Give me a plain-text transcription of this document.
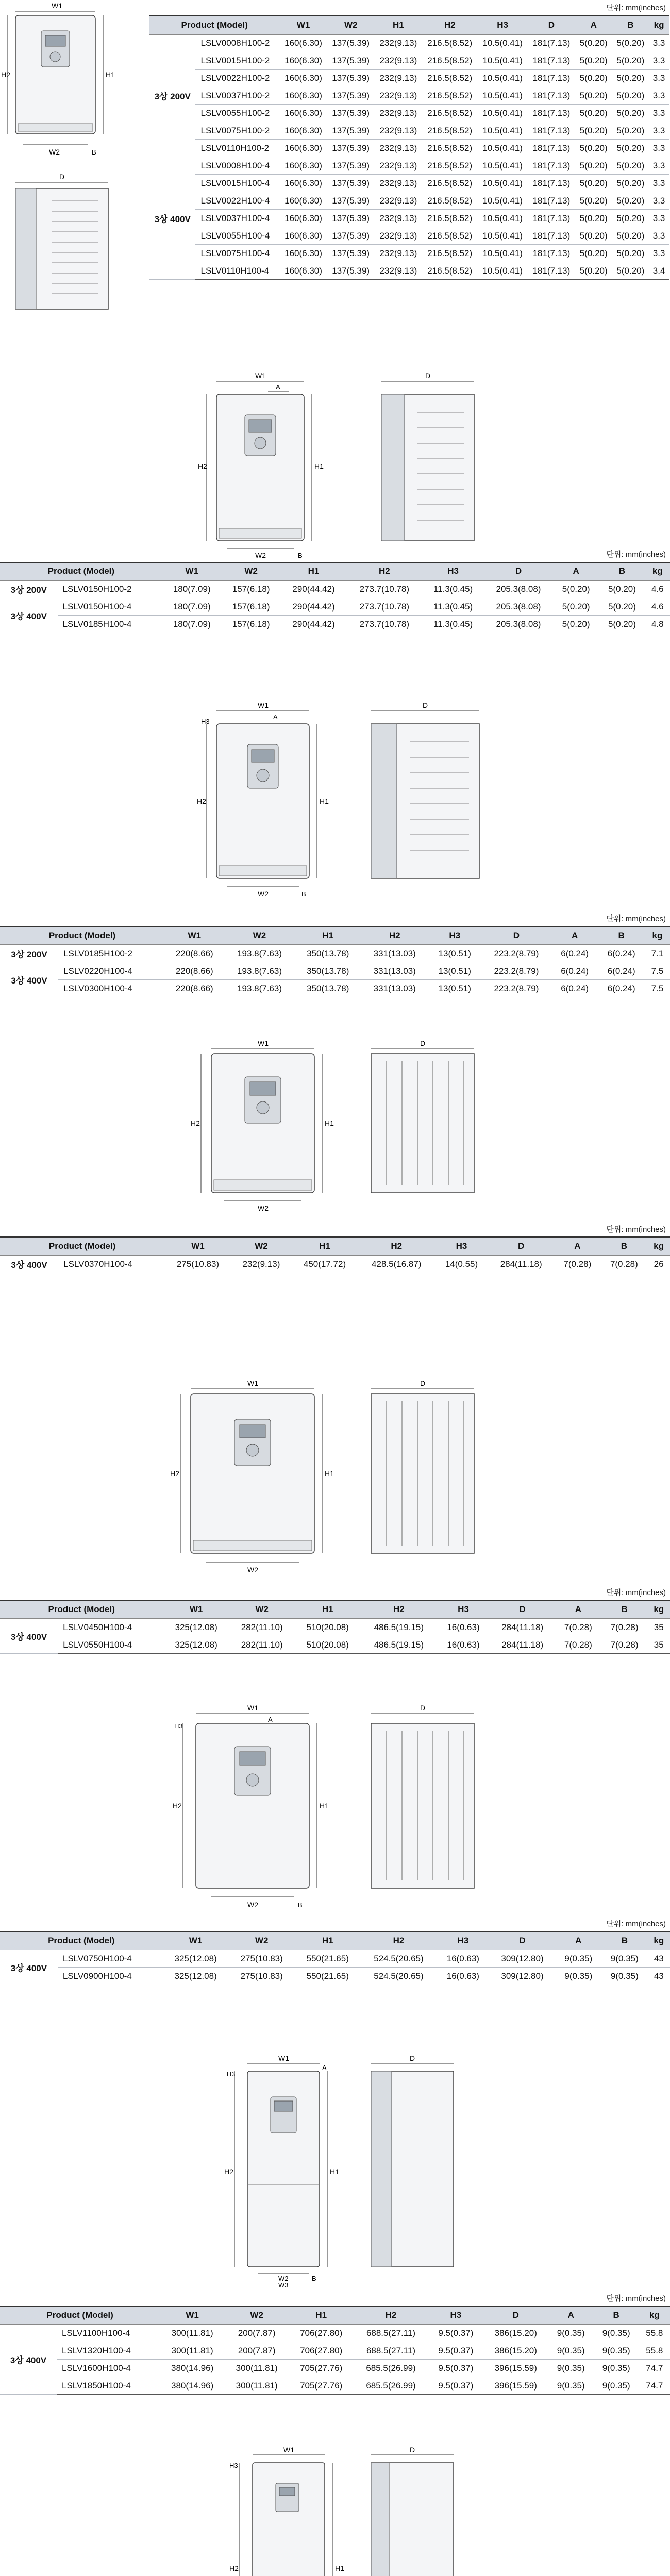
W1
H2	H1
W2	B
D
단위: mm(inches)
Product (Model)		W1	W2	H1	H2	H3	D	A	B	kg
3상 200V	LSLV0008H100-2	160(6.30)	137(5.39)	232(9.13)	216.5(8.52)	10.5(0.41)	181(7.13)	5(0.20)	5(0.20)	3.3
	LSLV0015H100-2	160(6.30)	137(5.39)	232(9.13)	216.5(8.52)	10.5(0.41)	181(7.13)	5(0.20)	5(0.20)	3.3
	LSLV0022H100-2	160(6.30)	137(5.39)	232(9.13)	216.5(8.52)	10.5(0.41)	181(7.13)	5(0.20)	5(0.20)	3.3
	LSLV0037H100-2	160(6.30)	137(5.39)	232(9.13)	216.5(8.52)	10.5(0.41)	181(7.13)	5(0.20)	5(0.20)	3.3
	LSLV0055H100-2	160(6.30)	137(5.39)	232(9.13)	216.5(8.52)	10.5(0.41)	181(7.13)	5(0.20)	5(0.20)	3.3
	LSLV0075H100-2	160(6.30)	137(5.39)	232(9.13)	216.5(8.52)	10.5(0.41)	181(7.13)	5(0.20)	5(0.20)	3.3
	LSLV0110H100-2	160(6.30)	137(5.39)	232(9.13)	216.5(8.52)	10.5(0.41)	181(7.13)	5(0.20)	5(0.20)	3.3
3상 400V	LSLV0008H100-4	160(6.30)	137(5.39)	232(9.13)	216.5(8.52)	10.5(0.41)	181(7.13)	5(0.20)	5(0.20)	3.3
	LSLV0015H100-4	160(6.30)	137(5.39)	232(9.13)	216.5(8.52)	10.5(0.41)	181(7.13)	5(0.20)	5(0.20)	3.3
	LSLV0022H100-4	160(6.30)	137(5.39)	232(9.13)	216.5(8.52)	10.5(0.41)	181(7.13)	5(0.20)	5(0.20)	3.3
	LSLV0037H100-4	160(6.30)	137(5.39)	232(9.13)	216.5(8.52)	10.5(0.41)	181(7.13)	5(0.20)	5(0.20)	3.3
	LSLV0055H100-4	160(6.30)	137(5.39)	232(9.13)	216.5(8.52)	10.5(0.41)	181(7.13)	5(0.20)	5(0.20)	3.3
	LSLV0075H100-4	160(6.30)	137(5.39)	232(9.13)	216.5(8.52)	10.5(0.41)	181(7.13)	5(0.20)	5(0.20)	3.3
	LSLV0110H100-4	160(6.30)	137(5.39)	232(9.13)	216.5(8.52)	10.5(0.41)	181(7.13)	5(0.20)	5(0.20)	3.4
W1
A
H2	H1
W2	B
D
단위: mm(inches)
Product (Model)		W1	W2	H1	H2	H3	D	A	B	kg
3상 200V	LSLV0150H100-2	180(7.09)	157(6.18)	290(44.42)	273.7(10.78)	11.3(0.45)	205.3(8.08)	5(0.20)	5(0.20)	4.6
3상 400V	LSLV0150H100-4	180(7.09)	157(6.18)	290(44.42)	273.7(10.78)	11.3(0.45)	205.3(8.08)	5(0.20)	5(0.20)	4.6
	LSLV0185H100-4	180(7.09)	157(6.18)	290(44.42)	273.7(10.78)	11.3(0.45)	205.3(8.08)	5(0.20)	5(0.20)	4.8
W1
H3
A
H2	H1
W2	B
D
단위: mm(inches)
Product (Model)		W1	W2	H1	H2	H3	D	A	B	kg
3상 200V	LSLV0185H100-2	220(8.66)	193.8(7.63)	350(13.78)	331(13.03)	13(0.51)	223.2(8.79)	6(0.24)	6(0.24)	7.1
3상 400V	LSLV0220H100-4	220(8.66)	193.8(7.63)	350(13.78)	331(13.03)	13(0.51)	223.2(8.79)	6(0.24)	6(0.24)	7.5
	LSLV0300H100-4	220(8.66)	193.8(7.63)	350(13.78)	331(13.03)	13(0.51)	223.2(8.79)	6(0.24)	6(0.24)	7.5
W1
H2	H1
W2
D
단위: mm(inches)
Product (Model)		W1	W2	H1	H2	H3	D	A	B	kg
3상 400V	LSLV0370H100-4	275(10.83)	232(9.13)	450(17.72)	428.5(16.87)	14(0.55)	284(11.18)	7(0.28)	7(0.28)	26
W1
H2	H1
W2
D
단위: mm(inches)
Product (Model)		W1	W2	H1	H2	H3	D	A	B	kg
3상 400V	LSLV0450H100-4	325(12.08)	282(11.10)	510(20.08)	486.5(19.15)	16(0.63)	284(11.18)	7(0.28)	7(0.28)	35
	LSLV0550H100-4	325(12.08)	282(11.10)	510(20.08)	486.5(19.15)	16(0.63)	284(11.18)	7(0.28)	7(0.28)	35
W1
H3
A
H2	H1
W2	B
D
단위: mm(inches)
Product (Model)		W1	W2	H1	H2	H3	D	A	B	kg
3상 400V	LSLV0750H100-4	325(12.08)	275(10.83)	550(21.65)	524.5(20.65)	16(0.63)	309(12.80)	9(0.35)	9(0.35)	43
	LSLV0900H100-4	325(12.08)	275(10.83)	550(21.65)	524.5(20.65)	16(0.63)	309(12.80)	9(0.35)	9(0.35)	43
W1
A
H3
H2	H1
W2	B
W3
D
단위: mm(inches)
Product (Model)		W1	W2	H1	H2	H3	D	A	B	kg
3상 400V	LSLV1100H100-4	300(11.81)	200(7.87)	706(27.80)	688.5(27.11)	9.5(0.37)	386(15.20)	9(0.35)	9(0.35)	55.8
	LSLV1320H100-4	300(11.81)	200(7.87)	706(27.80)	688.5(27.11)	9.5(0.37)	386(15.20)	9(0.35)	9(0.35)	55.8
	LSLV1600H100-4	380(14.96)	300(11.81)	705(27.76)	685.5(26.99)	9.5(0.37)	396(15.59)	9(0.35)	9(0.35)	74.7
	LSLV1850H100-4	380(14.96)	300(11.81)	705(27.76)	685.5(26.99)	9.5(0.37)	396(15.59)	9(0.35)	9(0.35)	74.7
W1
H3
H2	H1
D
